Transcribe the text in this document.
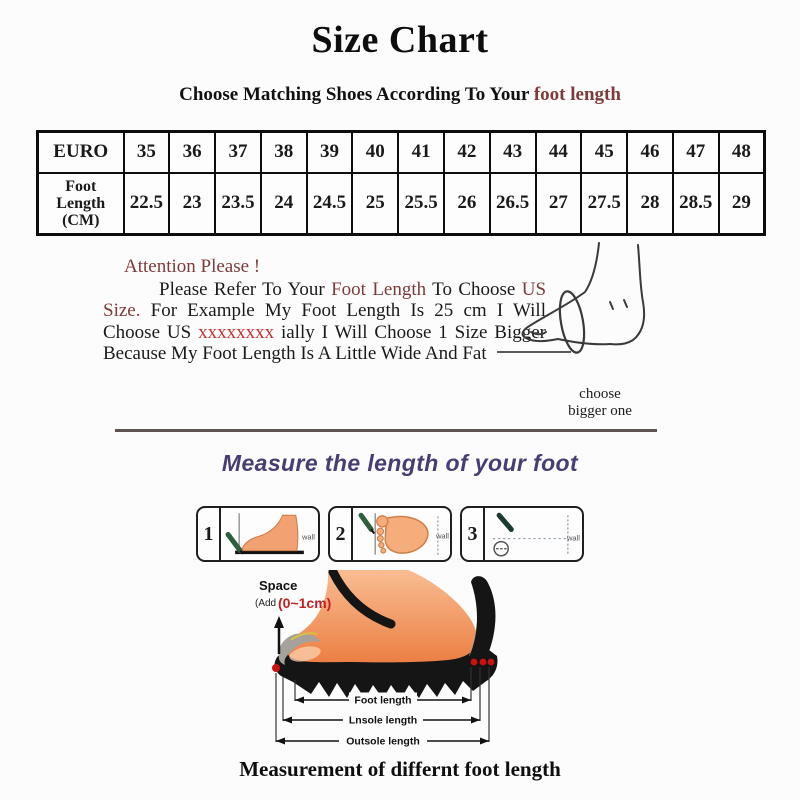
Size Chart
Choose Matching Shoes According To Your foot length
EURO	35	36	37	38	39	40	41	42	43	44	45	46	47	48
Foot Length (CM)	22.5	23	23.5	24	24.5	25	25.5	26	26.5	27	27.5	28	28.5	29

Attention Please !

Please Refer To Your Foot Length To Choose US Size. For Example My Foot Length Is 25 cm I Will Choose US xxxxxxxx ially I Will Choose 1 Size Bigger Because My Foot Length Is A Little Wide And Fat

choose
bigger one
Measure the length of your foot
1	wall 2	wall 3	wall
Space
(Add (0~1cm)
Foot length
Lnsole length
Outsole length
Measurement of differnt foot length
